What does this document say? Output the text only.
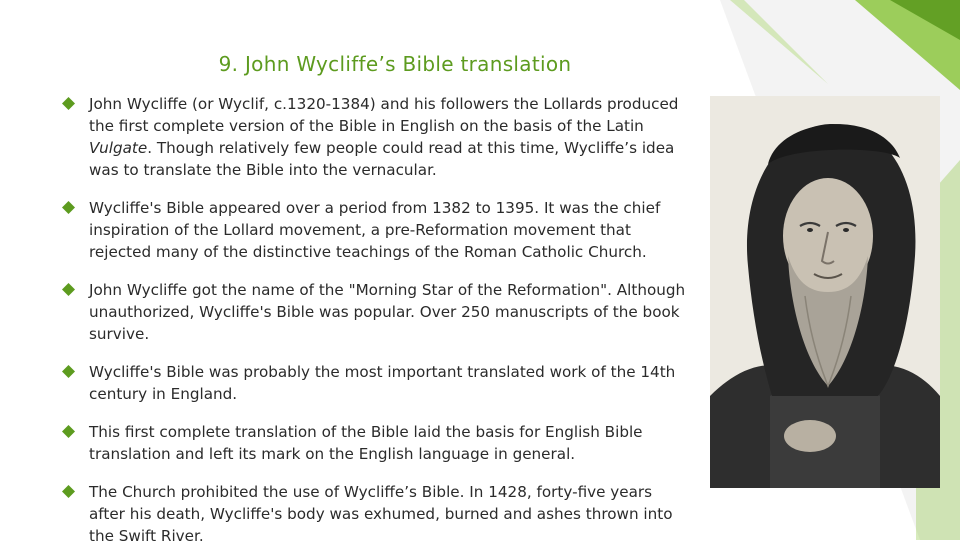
9. John Wycliffe’s Bible translation
John Wycliffe (or Wyclif, c.1320-1384) and his followers the Lollards produced the first complete version of the Bible in English on the basis of the Latin Vulgate. Though relatively few people could read at this time, Wycliffe’s idea was to translate the Bible into the vernacular.
Wycliffe's Bible appeared over a period from 1382 to 1395. It was the chief inspiration of the Lollard movement, a pre-Reformation movement that rejected many of the distinctive teachings of the Roman Catholic Church.
John Wycliffe got the name of the "Morning Star of the Reformation". Although unauthorized, Wycliffe's Bible was popular. Over 250 manuscripts of the book survive.
Wycliffe's Bible was probably the most important translated work of the 14th century in England.
This first complete translation of the Bible laid the basis for English Bible translation and left its mark on the English language in general.
The Church prohibited the use of Wycliffe’s Bible. In 1428, forty-five years after his death, Wycliffe's body was exhumed, burned and ashes thrown into the Swift River.
